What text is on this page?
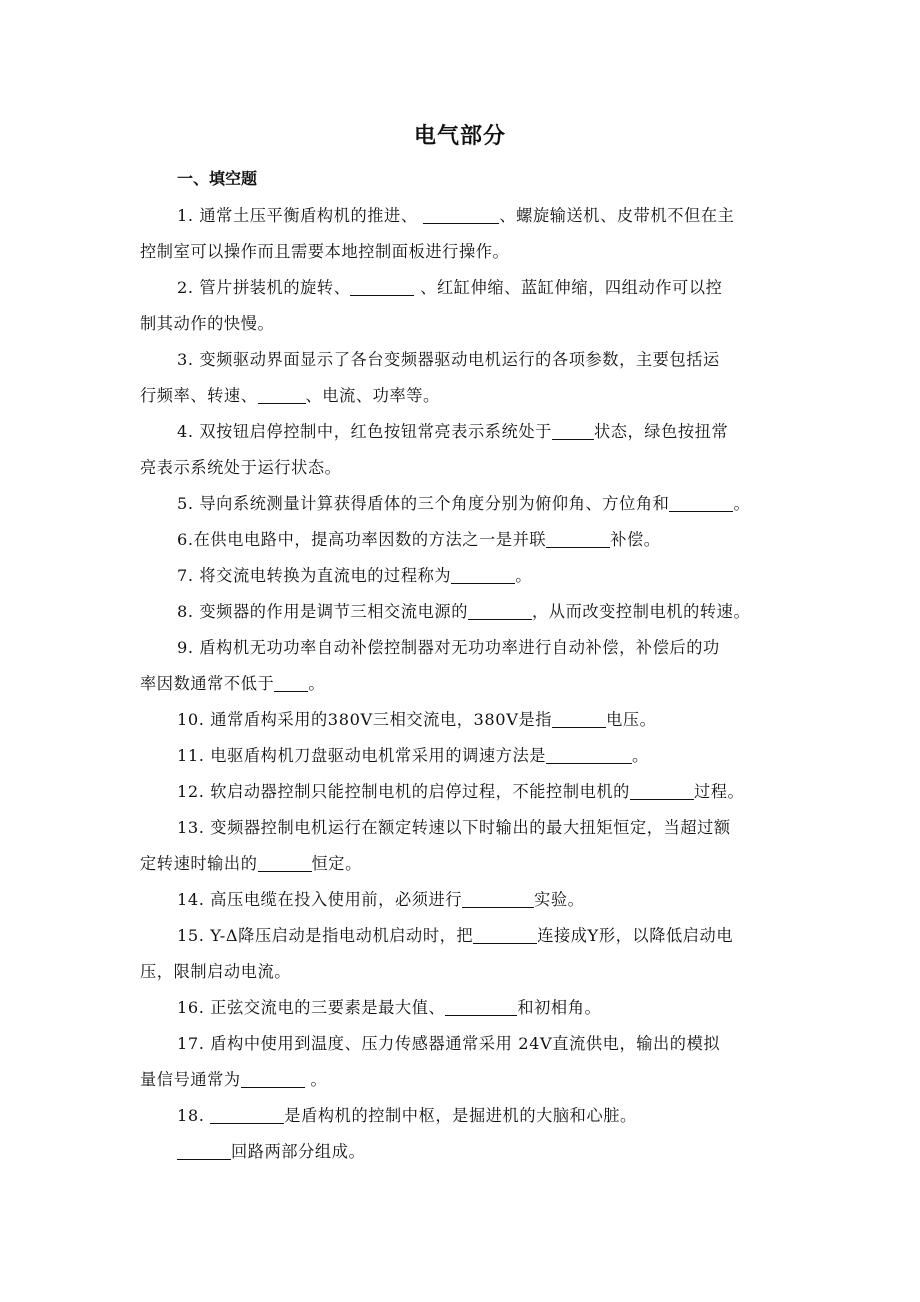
电气部分
一、填空题
1. 通常土压平衡盾构机的推进、	、螺旋输送机、皮带机不但在主
控制室可以操作而且需要本地控制面板进行操作。
2. 管片拼装机的旋转、	、红缸伸缩、蓝缸伸缩，四组动作可以控
制其动作的快慢。
3. 变频驱动界面显示了各台变频器驱动电机运行的各项参数，主要包括运
行频率、转速、	、电流、功率等。
4. 双按钮启停控制中，红色按钮常亮表示系统处于	状态，绿色按扭常
亮表示系统处于运行状态。
5. 导向系统测量计算获得盾体的三个角度分别为俯仰角、方位角和	。
6.在供电电路中，提高功率因数的方法之一是并联	补偿。
7. 将交流电转换为直流电的过程称为	。
8. 变频器的作用是调节三相交流电源的	，从而改变控制电机的转速。
9. 盾构机无功功率自动补偿控制器对无功功率进行自动补偿，补偿后的功
率因数通常不低于 。
10. 通常盾构采用的380V三相交流电，380V是指	电压。
11. 电驱盾构机刀盘驱动电机常采用的调速方法是	。
12. 软启动器控制只能控制电机的启停过程，不能控制电机的	过程。
13. 变频器控制电机运行在额定转速以下时输出的最大扭矩恒定，当超过额
定转速时输出的	恒定。
14. 高压电缆在投入使用前，必须进行	实验。
15. Y-Δ降压启动是指电动机启动时，把	连接成Y形，以降低启动电
压，限制启动电流。
16. 正弦交流电的三要素是最大值、	和初相角。
17. 盾构中使用到温度、压力传感器通常采用 24V直流供电，输出的模拟
量信号通常为	。
18.	是盾构机的控制中枢，是掘进机的大脑和心脏。
回路两部分组成。
